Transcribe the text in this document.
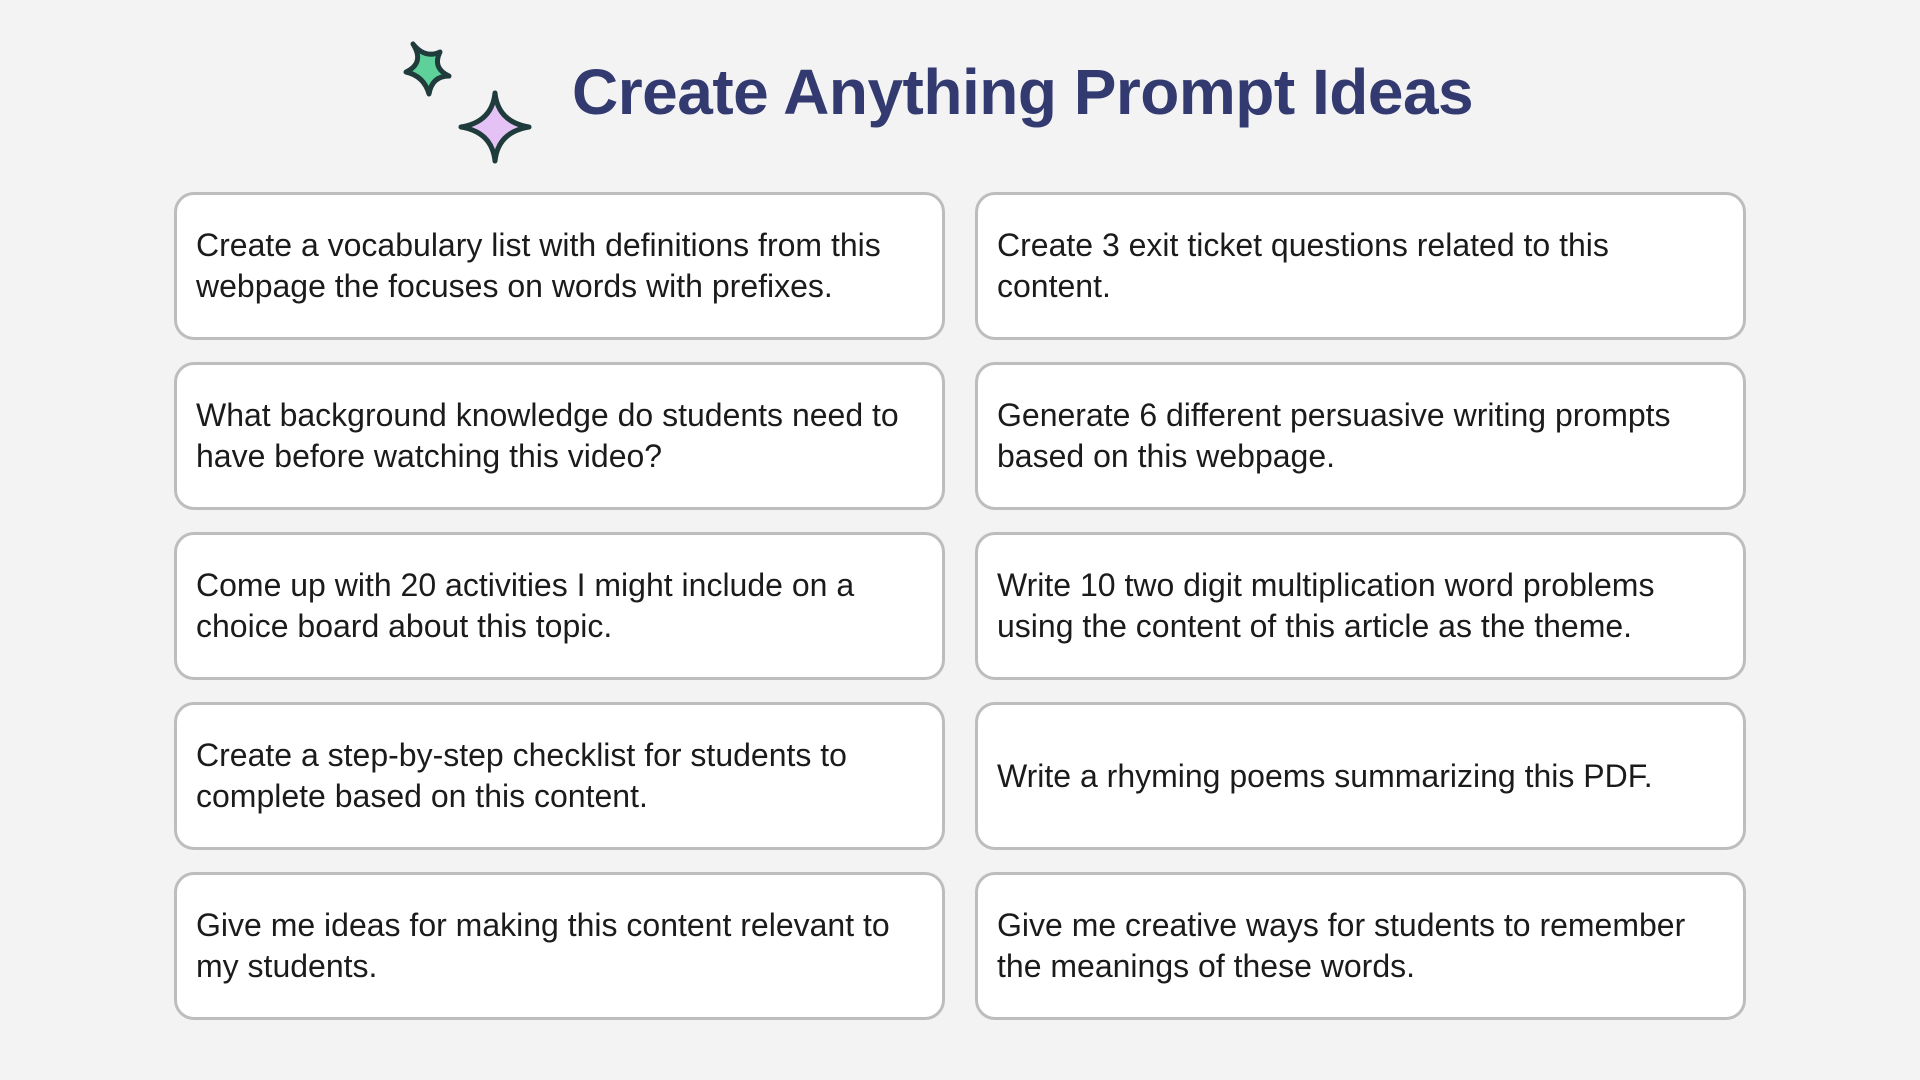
Create Anything Prompt Ideas
Create a vocabulary list with definitions from this webpage the focuses on words with prefixes.
Create 3 exit ticket questions related to this content.
What background knowledge do students need to have before watching this video?
Generate 6 different persuasive writing prompts based on this webpage.
Come up with 20 activities I might include on a choice board about this topic.
Write 10 two digit multiplication word problems using the content of this article as the theme.
Create a step-by-step checklist for students to complete based on this content.
Write a rhyming poems summarizing this PDF.
Give me ideas for making this content relevant to my students.
Give me creative ways for students to remember the meanings of these words.
